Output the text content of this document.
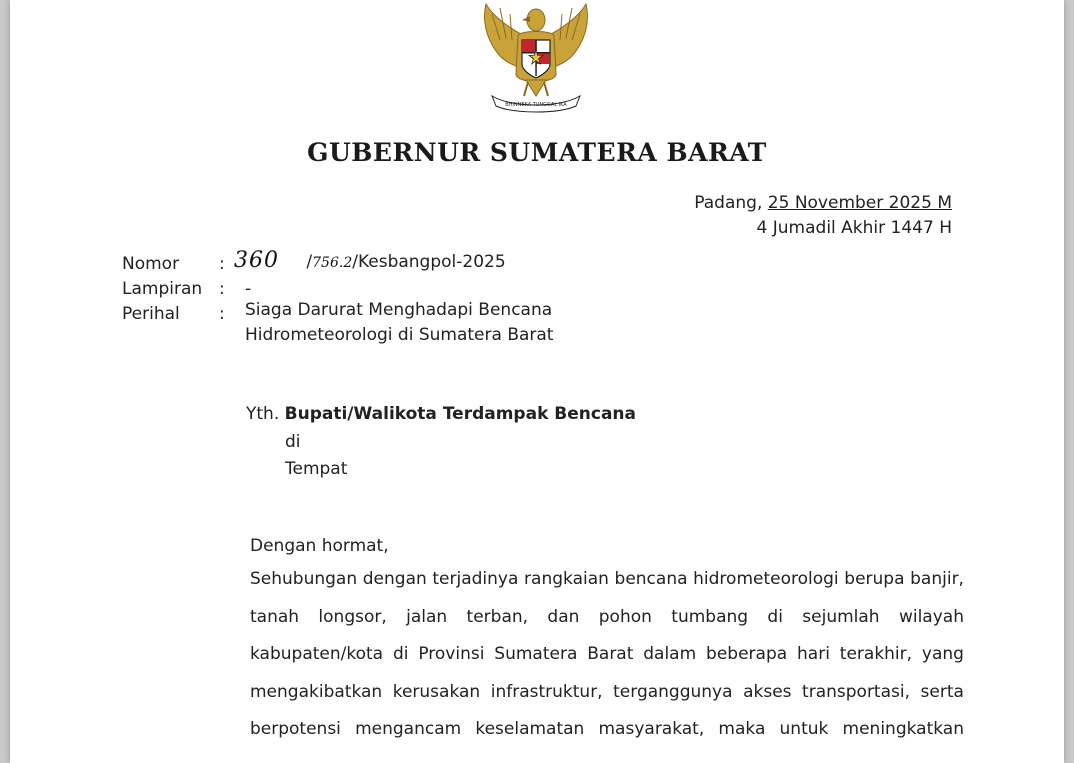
BHINNEKA TUNGGAL IKA
GUBERNUR SUMATERA BARAT
Padang, 25 November 2025 M
4 Jumadil Akhir 1447 H
Nomor : 360 /756.2/Kesbangpol-2025
Lampiran : -
Perihal : Siaga Darurat Menghadapi Bencana
Hidrometeorologi di Sumatera Barat
Yth. Bupati/Walikota Terdampak Bencana
di
Tempat
Dengan hormat,
Sehubungan dengan terjadinya rangkaian bencana hidrometeorologi berupa banjir,
tanah longsor, jalan terban, dan pohon tumbang di sejumlah wilayah
kabupaten/kota di Provinsi Sumatera Barat dalam beberapa hari terakhir, yang
mengakibatkan kerusakan infrastruktur, terganggunya akses transportasi, serta
berpotensi mengancam keselamatan masyarakat, maka untuk meningkatkan
